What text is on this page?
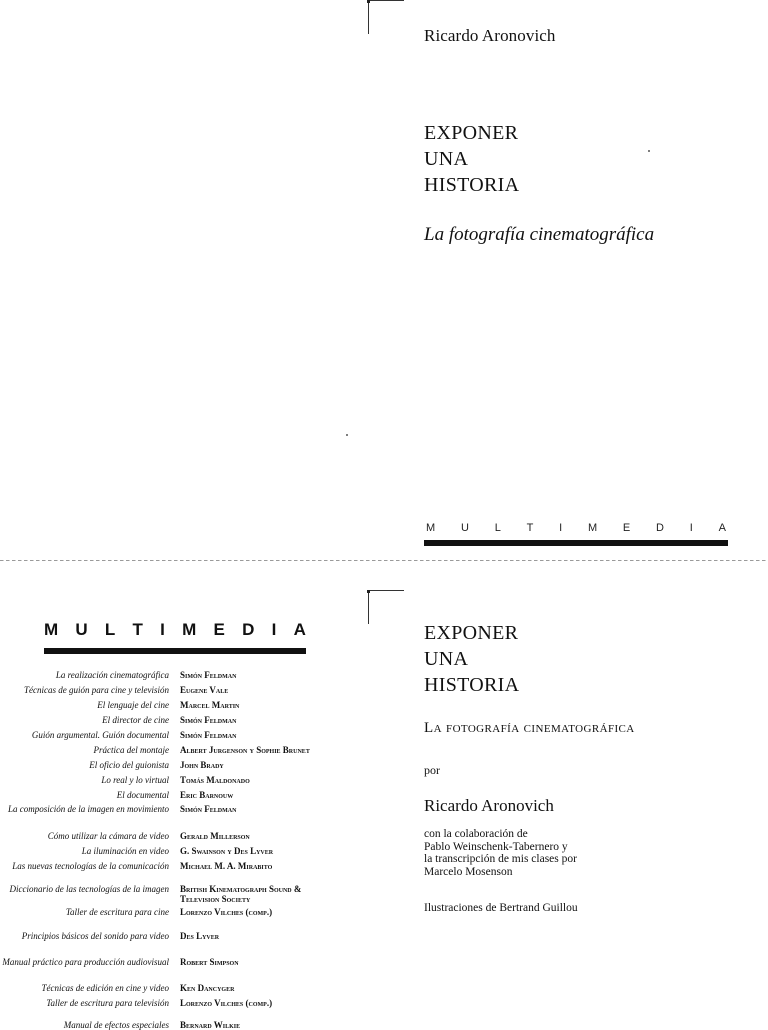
Ricardo Aronovich
EXPONER
UNA
HISTORIA
La fotografía cinematográfica
M U L T I M E D I A
M U L T I M E D I A
La realización cinematográfica Simón Feldman
Técnicas de guión para cine y televisión Eugene Vale
El lenguaje del cine Marcel Martin
El director de cine Simón Feldman
Guión argumental. Guión documental Simón Feldman
Práctica del montaje Albert Jurgenson y Sophie Brunet
El oficio del guionista John Brady
Lo real y lo virtual Tomás Maldonado
El documental Eric Barnouw
La composición de la imagen en movimiento Simón Feldman
Cómo utilizar la cámara de video Gerald Millerson
La iluminación en video G. Swainson y Des Lyver
Las nuevas tecnologías de la comunicación Michael M. A. Mirabito
Diccionario de las tecnologías de la imagen British Kinematograph Sound & Television Society
Taller de escritura para cine Lorenzo Vilches (comp.)
Principios básicos del sonido para video Des Lyver
Manual práctico para producción audiovisual Robert Simpson
Técnicas de edición en cine y video Ken Dancyger
Taller de escritura para televisión Lorenzo Vilches (comp.)
Manual de efectos especiales Bernard Wilkie
EXPONER
UNA
HISTORIA
La fotografía cinematográfica
por
Ricardo Aronovich
con la colaboración de
Pablo Weinschenk-Tabernero y
la transcripción de mis clases por
Marcelo Mosenson
Ilustraciones de Bertrand Guillou
